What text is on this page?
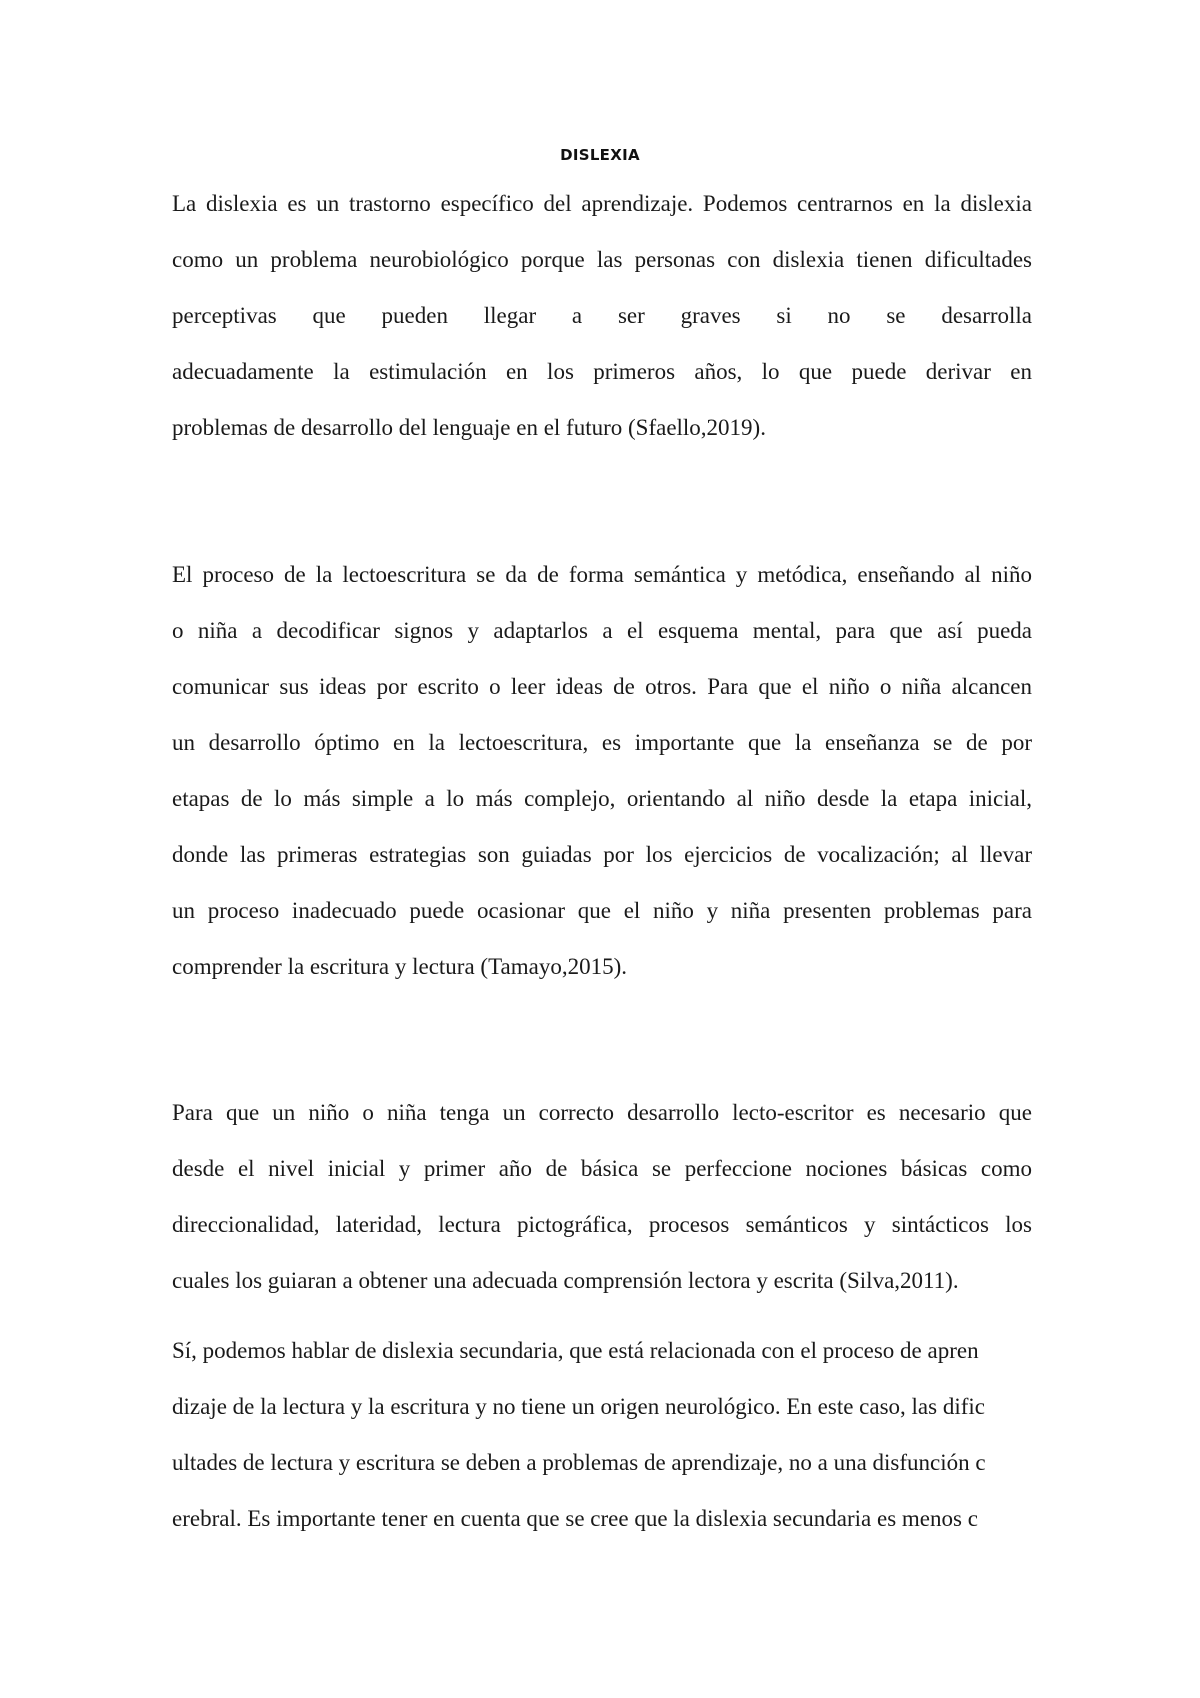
DISLEXIA
La dislexia es un trastorno específico del aprendizaje. Podemos centrarnos en la dislexia
como un problema neurobiológico porque las personas con dislexia tienen dificultades
perceptivas que pueden llegar a ser graves si no se desarrolla
adecuadamente la estimulación en los primeros años, lo que puede derivar en
problemas de desarrollo del lenguaje en el futuro (Sfaello,2019).
El proceso de la lectoescritura se da de forma semántica y metódica, enseñando al niño
o niña a decodificar signos y adaptarlos a el esquema mental, para que así pueda
comunicar sus ideas por escrito o leer ideas de otros. Para que el niño o niña alcancen
un desarrollo óptimo en la lectoescritura, es importante que la enseñanza se de por
etapas de lo más simple a lo más complejo, orientando al niño desde la etapa inicial,
donde las primeras estrategias son guiadas por los ejercicios de vocalización; al llevar
un proceso inadecuado puede ocasionar que el niño y niña presenten problemas para
comprender la escritura y lectura (Tamayo,2015).
Para que un niño o niña tenga un correcto desarrollo lecto-escritor es necesario que
desde el nivel inicial y primer año de básica se perfeccione nociones básicas como
direccionalidad, lateridad, lectura pictográfica, procesos semánticos y sintácticos los
cuales los guiaran a obtener una adecuada comprensión lectora y escrita (Silva,2011).
Sí, podemos hablar de dislexia secundaria, que está relacionada con el proceso de apren
dizaje de la lectura y la escritura y no tiene un origen neurológico. En este caso, las dific
ultades de lectura y escritura se deben a problemas de aprendizaje, no a una disfunción c
erebral. Es importante tener en cuenta que se cree que la dislexia secundaria es menos c
